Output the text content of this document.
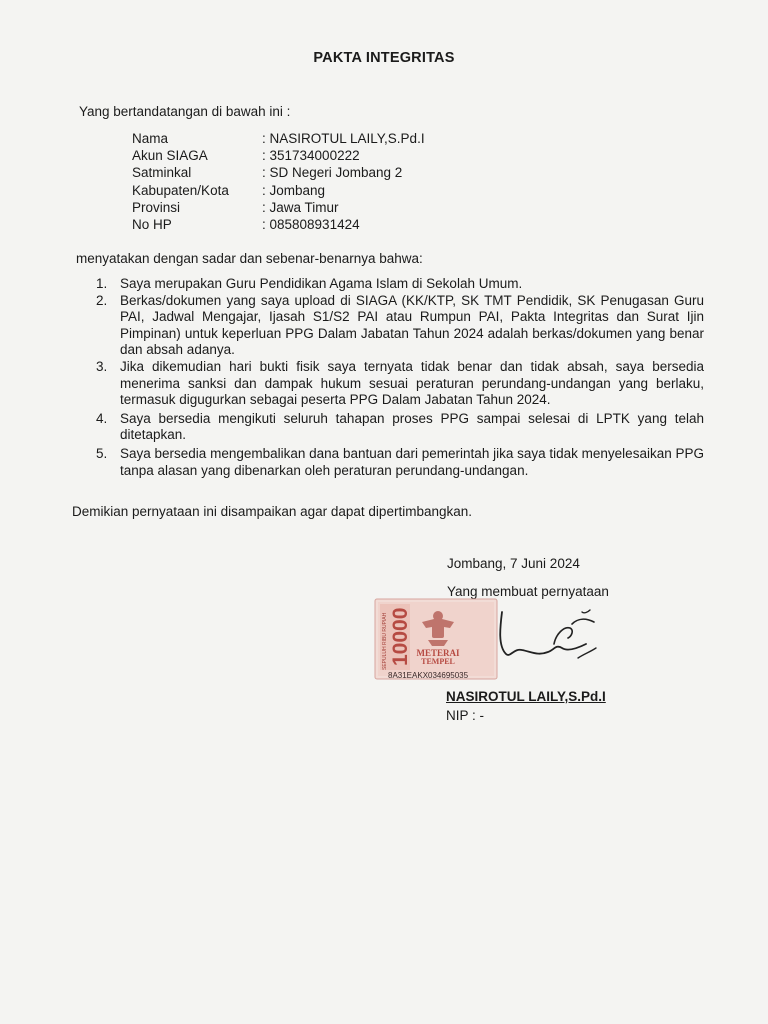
PAKTA INTEGRITAS
Yang bertandatangan di bawah ini :
Nama	: NASIROTUL LAILY,S.Pd.I
Akun SIAGA	: 351734000222
Satminkal	: SD Negeri Jombang 2
Kabupaten/Kota	: Jombang
Provinsi	: Jawa Timur
No HP	: 085808931424
menyatakan dengan sadar dan sebenar-benarnya bahwa:
1. Saya merupakan Guru Pendidikan Agama Islam di Sekolah Umum.
2. Berkas/dokumen yang saya upload di SIAGA (KK/KTP, SK TMT Pendidik, SK Penugasan Guru PAI, Jadwal Mengajar, Ijasah S1/S2 PAI atau Rumpun PAI, Pakta Integritas dan Surat Ijin Pimpinan) untuk keperluan PPG Dalam Jabatan Tahun 2024 adalah berkas/dokumen yang benar dan absah adanya.
3. Jika dikemudian hari bukti fisik saya ternyata tidak benar dan tidak absah, saya bersedia menerima sanksi dan dampak hukum sesuai peraturan perundang-undangan yang berlaku, termasuk digugurkan sebagai peserta PPG Dalam Jabatan Tahun 2024.
4. Saya bersedia mengikuti seluruh tahapan proses PPG sampai selesai di LPTK yang telah ditetapkan.
5. Saya bersedia mengembalikan dana bantuan dari pemerintah jika saya tidak menyelesaikan PPG tanpa alasan yang dibenarkan oleh peraturan perundang-undangan.
Demikian pernyataan ini disampaikan agar dapat dipertimbangkan.
Jombang, 7 Juni 2024
Yang membuat pernyataan
SEPULUH RIBU RUPIAH 10000 METERAI
TEMPEL
8A31EAKX034695035
NASIROTUL LAILY,S.Pd.I
NIP : -
